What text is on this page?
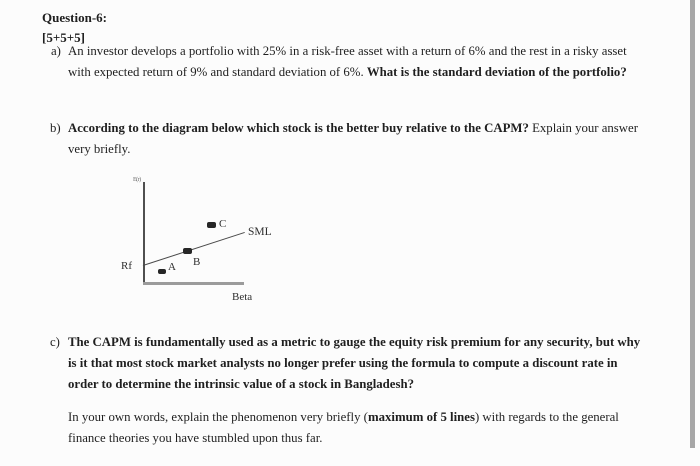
Question-6:
[5+5+5]
a) An investor develops a portfolio with 25% in a risk-free asset with a return of 6% and the rest in a risky asset with expected return of 9% and standard deviation of 6%. What is the standard deviation of the portfolio?
b) According to the diagram below which stock is the better buy relative to the CAPM? Explain your answer very briefly.
E(r)
Rf
SML
Beta
A B
C
c) The CAPM is fundamentally used as a metric to gauge the equity risk premium for any security, but why is it that most stock market analysts no longer prefer using the formula to compute a discount rate in order to determine the intrinsic value of a stock in Bangladesh?
In your own words, explain the phenomenon very briefly (maximum of 5 lines) with regards to the general finance theories you have stumbled upon thus far.
